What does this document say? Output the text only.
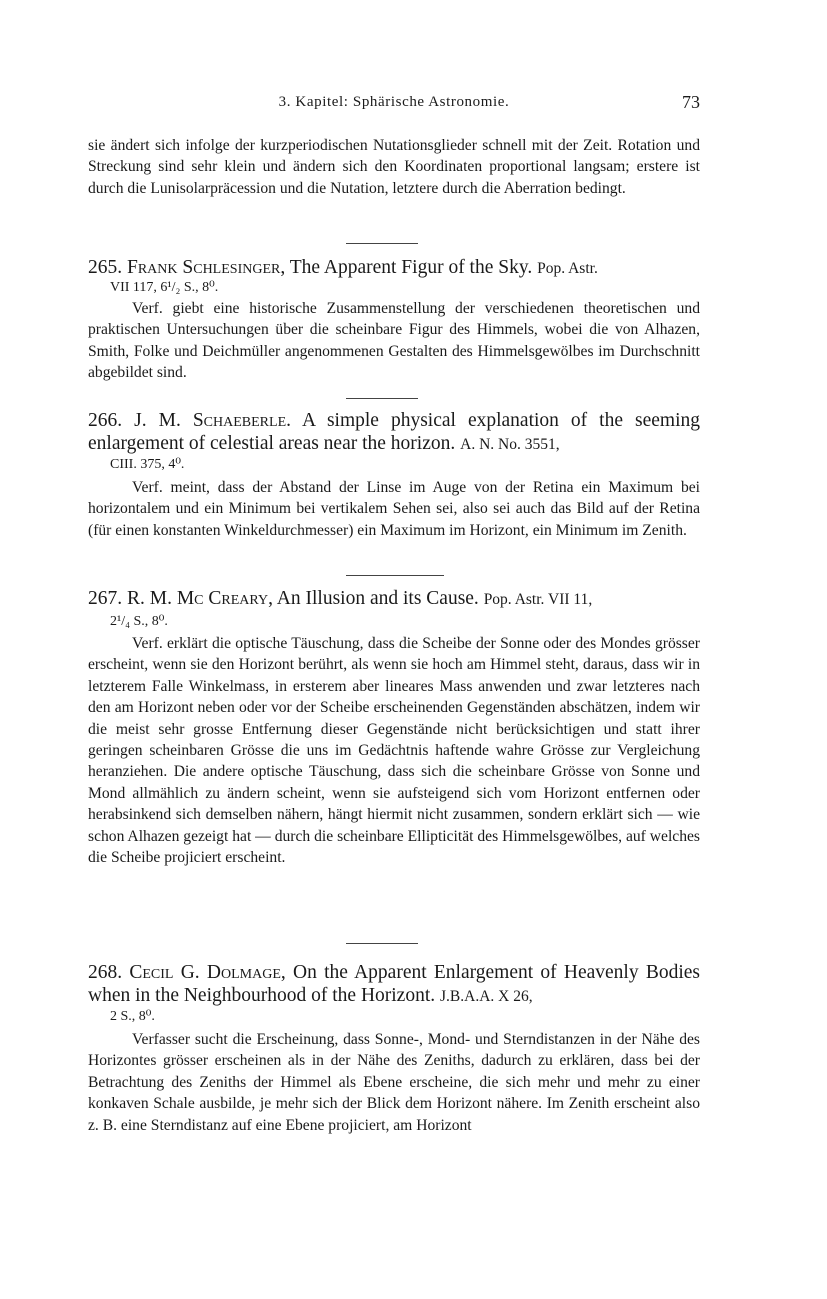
3. Kapitel: Sphärische Astronomie.	73

sie ändert sich infolge der kurzperiodischen Nutationsglieder schnell mit der Zeit. Rotation und Streckung sind sehr klein und ändern sich den Koordinaten proportional langsam; erstere ist durch die Lunisolarpräcession und die Nutation, letztere durch die Aberration bedingt.

265. Frank Schlesinger, The Apparent Figur of the Sky. Pop. Astr.
VII 117, 6¹/₂ S., 8⁰.

Verf. giebt eine historische Zusammenstellung der verschiedenen theoretischen und praktischen Untersuchungen über die scheinbare Figur des Himmels, wobei die von Alhazen, Smith, Folke und Deichmüller angenommenen Gestalten des Himmelsgewölbes im Durchschnitt abgebildet sind.

266. J. M. Schaeberle. A simple physical explanation of the seeming enlargement of celestial areas near the horizon. A. N. No. 3551,
CIII. 375, 4⁰.

Verf. meint, dass der Abstand der Linse im Auge von der Retina ein Maximum bei horizontalem und ein Minimum bei vertikalem Sehen sei, also sei auch das Bild auf der Retina (für einen konstanten Winkeldurchmesser) ein Maximum im Horizont, ein Minimum im Zenith.

267. R. M. Mc Creary, An Illusion and its Cause. Pop. Astr. VII 11,
2¹/₄ S., 8⁰.

Verf. erklärt die optische Täuschung, dass die Scheibe der Sonne oder des Mondes grösser erscheint, wenn sie den Horizont berührt, als wenn sie hoch am Himmel steht, daraus, dass wir in letzterem Falle Winkelmass, in ersterem aber lineares Mass anwenden und zwar letzteres nach den am Horizont neben oder vor der Scheibe erscheinenden Gegenständen abschätzen, indem wir die meist sehr grosse Entfernung dieser Gegenstände nicht berücksichtigen und statt ihrer geringen scheinbaren Grösse die uns im Gedächtnis haftende wahre Grösse zur Vergleichung heranziehen. Die andere optische Täuschung, dass sich die scheinbare Grösse von Sonne und Mond allmählich zu ändern scheint, wenn sie aufsteigend sich vom Horizont entfernen oder herabsinkend sich demselben nähern, hängt hiermit nicht zusammen, sondern erklärt sich — wie schon Alhazen gezeigt hat — durch die scheinbare Ellipticität des Himmelsgewölbes, auf welches die Scheibe projiciert erscheint.

268. Cecil G. Dolmage, On the Apparent Enlargement of Heavenly Bodies when in the Neighbourhood of the Horizont. J.B.A.A. X 26,
2 S., 8⁰.

Verfasser sucht die Erscheinung, dass Sonne-, Mond- und Sterndistanzen in der Nähe des Horizontes grösser erscheinen als in der Nähe des Zeniths, dadurch zu erklären, dass bei der Betrachtung des Zeniths der Himmel als Ebene erscheine, die sich mehr und mehr zu einer konkaven Schale ausbilde, je mehr sich der Blick dem Horizont nähere. Im Zenith erscheint also z. B. eine Sterndistanz auf eine Ebene projiciert, am Horizont
